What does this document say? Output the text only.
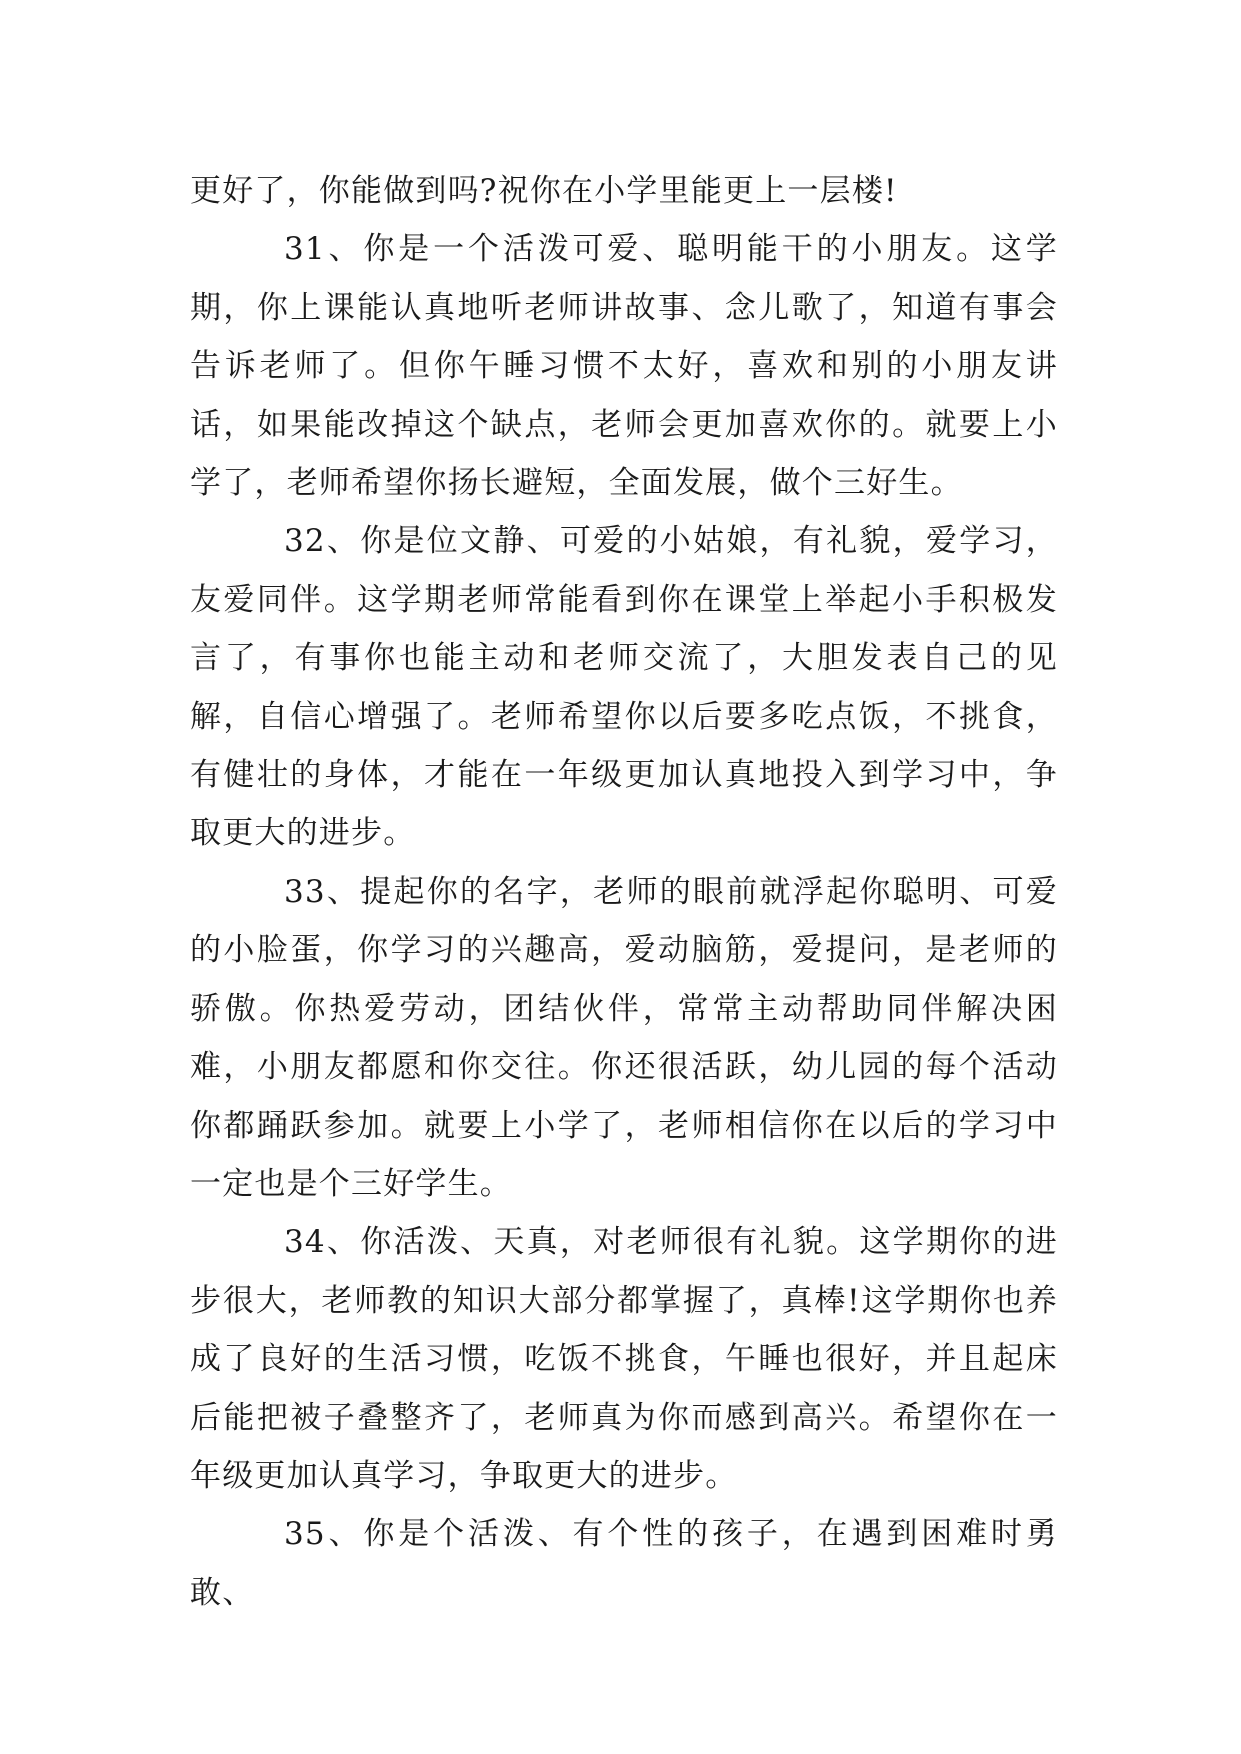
更好了，你能做到吗?祝你在小学里能更上一层楼!

31、你是一个活泼可爱、聪明能干的小朋友。这学期，你上课能认真地听老师讲故事、念儿歌了，知道有事会告诉老师了。但你午睡习惯不太好，喜欢和别的小朋友讲话，如果能改掉这个缺点，老师会更加喜欢你的。就要上小学了，老师希望你扬长避短，全面发展，做个三好生。

32、你是位文静、可爱的小姑娘，有礼貌，爱学习，友爱同伴。这学期老师常能看到你在课堂上举起小手积极发言了，有事你也能主动和老师交流了，大胆发表自己的见解，自信心增强了。老师希望你以后要多吃点饭，不挑食，有健壮的身体，才能在一年级更加认真地投入到学习中，争取更大的进步。

33、提起你的名字，老师的眼前就浮起你聪明、可爱的小脸蛋，你学习的兴趣高，爱动脑筋，爱提问，是老师的骄傲。你热爱劳动，团结伙伴，常常主动帮助同伴解决困难，小朋友都愿和你交往。你还很活跃，幼儿园的每个活动你都踊跃参加。就要上小学了，老师相信你在以后的学习中一定也是个三好学生。

34、你活泼、天真，对老师很有礼貌。这学期你的进步很大，老师教的知识大部分都掌握了，真棒!这学期你也养成了良好的生活习惯，吃饭不挑食，午睡也很好，并且起床后能把被子叠整齐了，老师真为你而感到高兴。希望你在一年级更加认真学习，争取更大的进步。

35、你是个活泼、有个性的孩子，在遇到困难时勇敢、
